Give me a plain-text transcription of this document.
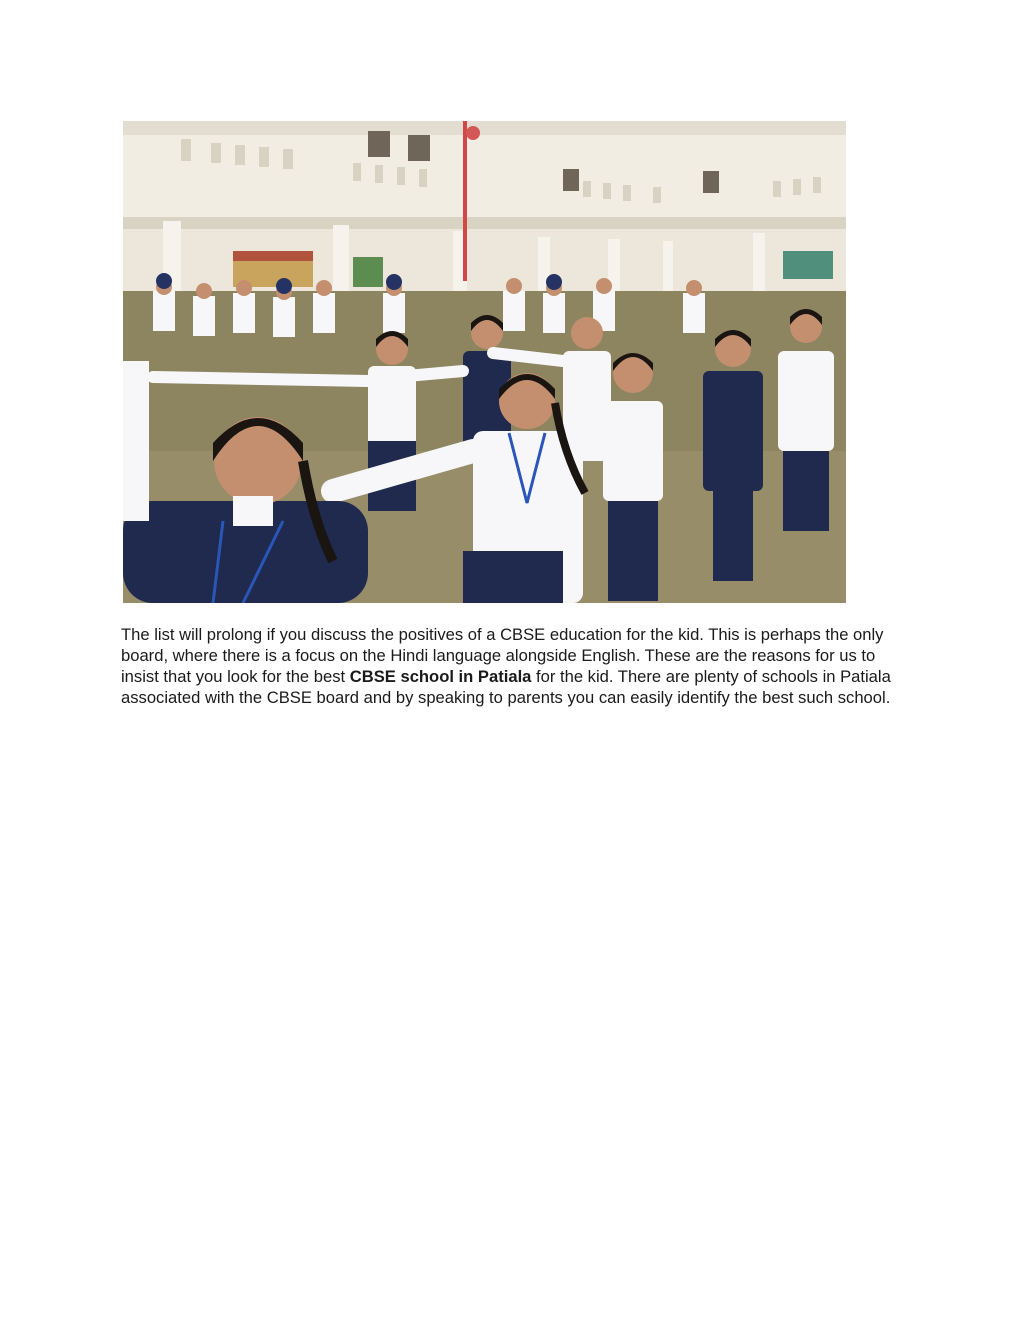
The list will prolong if you discuss the positives of a CBSE education for the kid. This is perhaps the only board, where there is a focus on the Hindi language alongside English. These are the reasons for us to insist that you look for the best CBSE school in Patiala for the kid. There are plenty of schools in Patiala associated with the CBSE board and by speaking to parents you can easily identify the best such school.
